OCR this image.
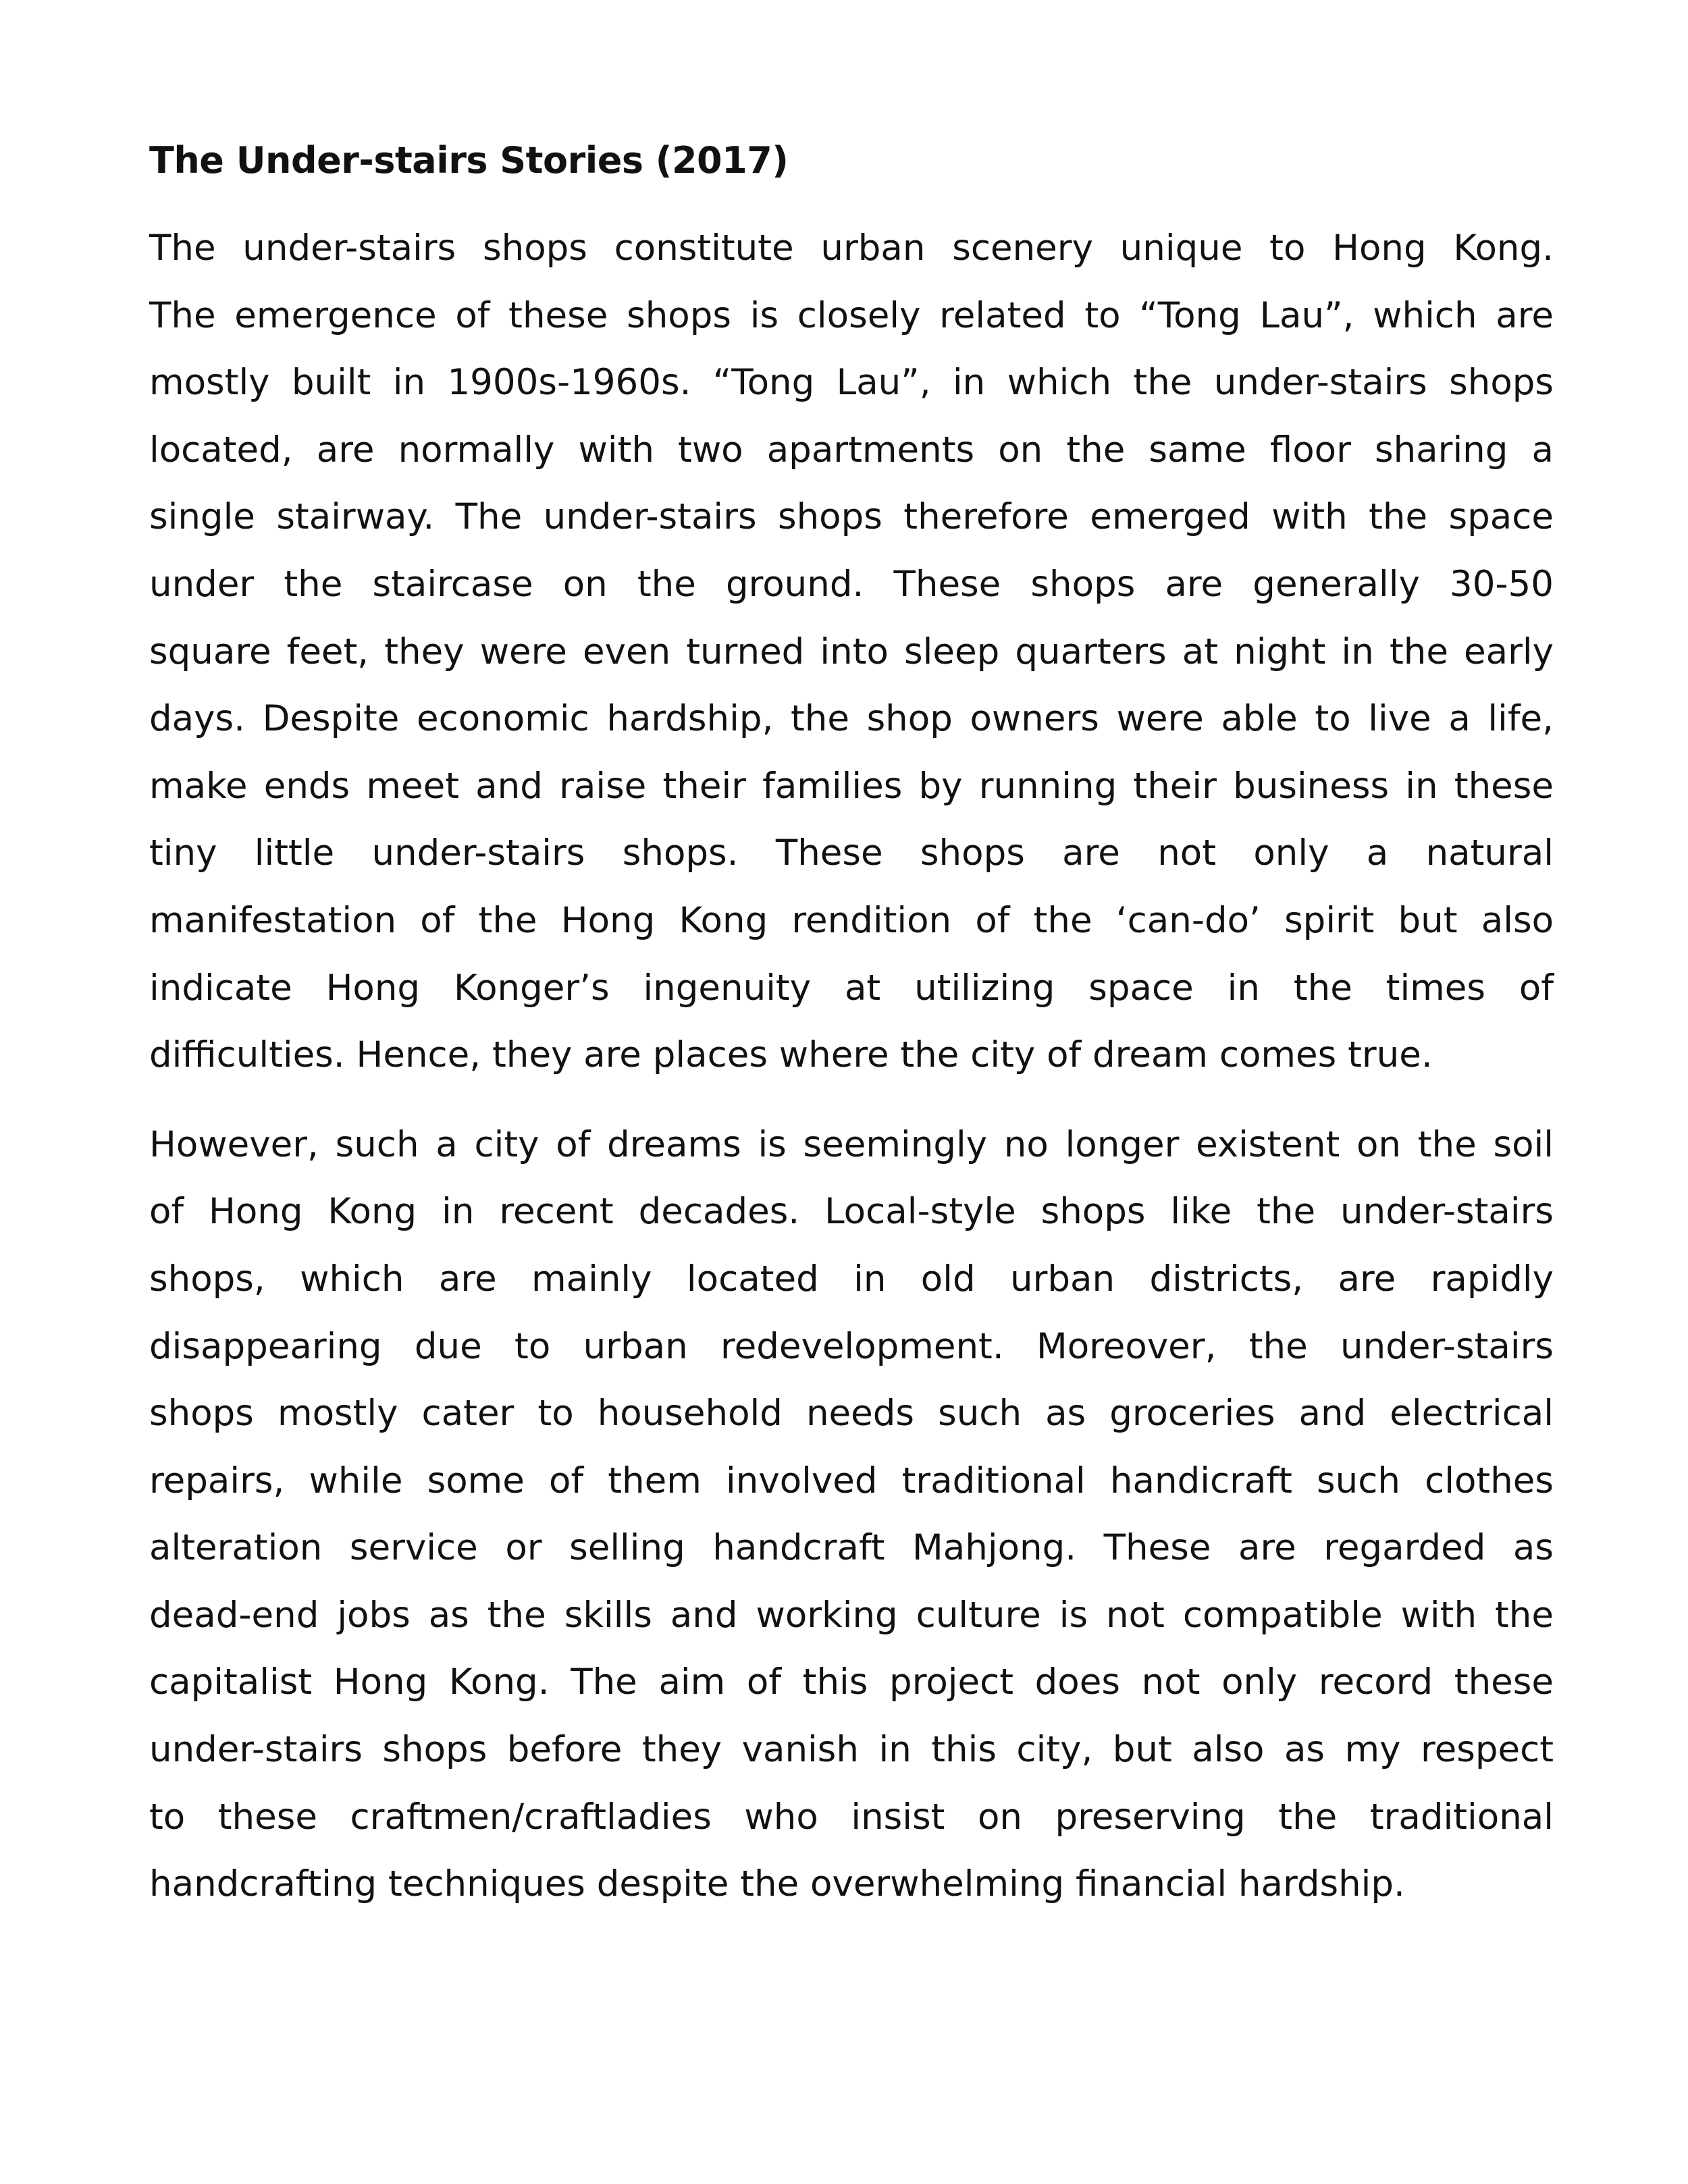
The Under-stairs Stories (2017)
The under-stairs shops constitute urban scenery unique to Hong Kong.
The emergence of these shops is closely related to “Tong Lau”, which are
mostly built in 1900s-1960s. “Tong Lau”, in which the under-stairs shops
located, are normally with two apartments on the same floor sharing a
single stairway. The under-stairs shops therefore emerged with the space
under the staircase on the ground. These shops are generally 30-50
square feet, they were even turned into sleep quarters at night in the early
days. Despite economic hardship, the shop owners were able to live a life,
make ends meet and raise their families by running their business in these
tiny little under-stairs shops. These shops are not only a natural
manifestation of the Hong Kong rendition of the ‘can-do’ spirit but also
indicate Hong Konger’s ingenuity at utilizing space in the times of
difficulties. Hence, they are places where the city of dream comes true.
However, such a city of dreams is seemingly no longer existent on the soil
of Hong Kong in recent decades. Local-style shops like the under-stairs
shops, which are mainly located in old urban districts, are rapidly
disappearing due to urban redevelopment. Moreover, the under-stairs
shops mostly cater to household needs such as groceries and electrical
repairs, while some of them involved traditional handicraft such clothes
alteration service or selling handcraft Mahjong. These are regarded as
dead-end jobs as the skills and working culture is not compatible with the
capitalist Hong Kong. The aim of this project does not only record these
under-stairs shops before they vanish in this city, but also as my respect
to these craftmen/craftladies who insist on preserving the traditional
handcrafting techniques despite the overwhelming financial hardship.
